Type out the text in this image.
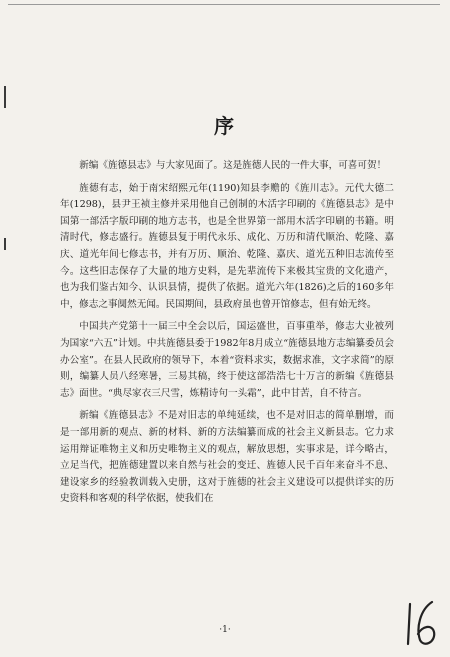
序

新编《旌德县志》与大家见面了。这是旌德人民的一件大事，可喜可贺！

旌德有志，始于南宋绍熙元年(1190)知县李赡的《旌川志》。元代大德二年(1298)，县尹王祯主修并采用他自己创制的木活字印刷的《旌德县志》是中国第一部活字版印刷的地方志书，也是全世界第一部用木活字印刷的书籍。明清时代，修志盛行。旌德县复于明代永乐、成化、万历和清代顺治、乾隆、嘉庆、道光年间七修志书，并有万历、顺治、乾隆、嘉庆、道光五种旧志流传至今。这些旧志保存了大量的地方史料，是先辈流传下来极其宝贵的文化遗产，也为我们鉴古知今、认识县情，提供了依据。道光六年(1826)之后的160多年中，修志之事阒然无闻。民国期间，县政府虽也曾开馆修志，但有始无终。

中国共产党第十一届三中全会以后，国运盛世，百事重举，修志大业被列为国家“六五”计划。中共旌德县委于1982年8月成立“旌德县地方志编纂委员会办公室”。在县人民政府的领导下，本着“资料求实，数据求准，文字求简”的原则，编纂人员八经寒暑，三易其稿，终于使这部浩浩七十万言的新编《旌德县志》面世。“典尽家衣三尺雪，炼精诗句一头霜”，此中甘苦，自不待言。

新编《旌德县志》不是对旧志的单纯延续，也不是对旧志的简单删增，而是一部用新的观点、新的材料、新的方法编纂而成的社会主义新县志。它力求运用辩证唯物主义和历史唯物主义的观点，解放思想，实事求是，详今略古，立足当代，把旌德建置以来自然与社会的变迁、旌德人民千百年来奋斗不息、建设家乡的经验教训载入史册，这对于旌德的社会主义建设可以提供详实的历史资料和客观的科学依据，使我们在

·1·
